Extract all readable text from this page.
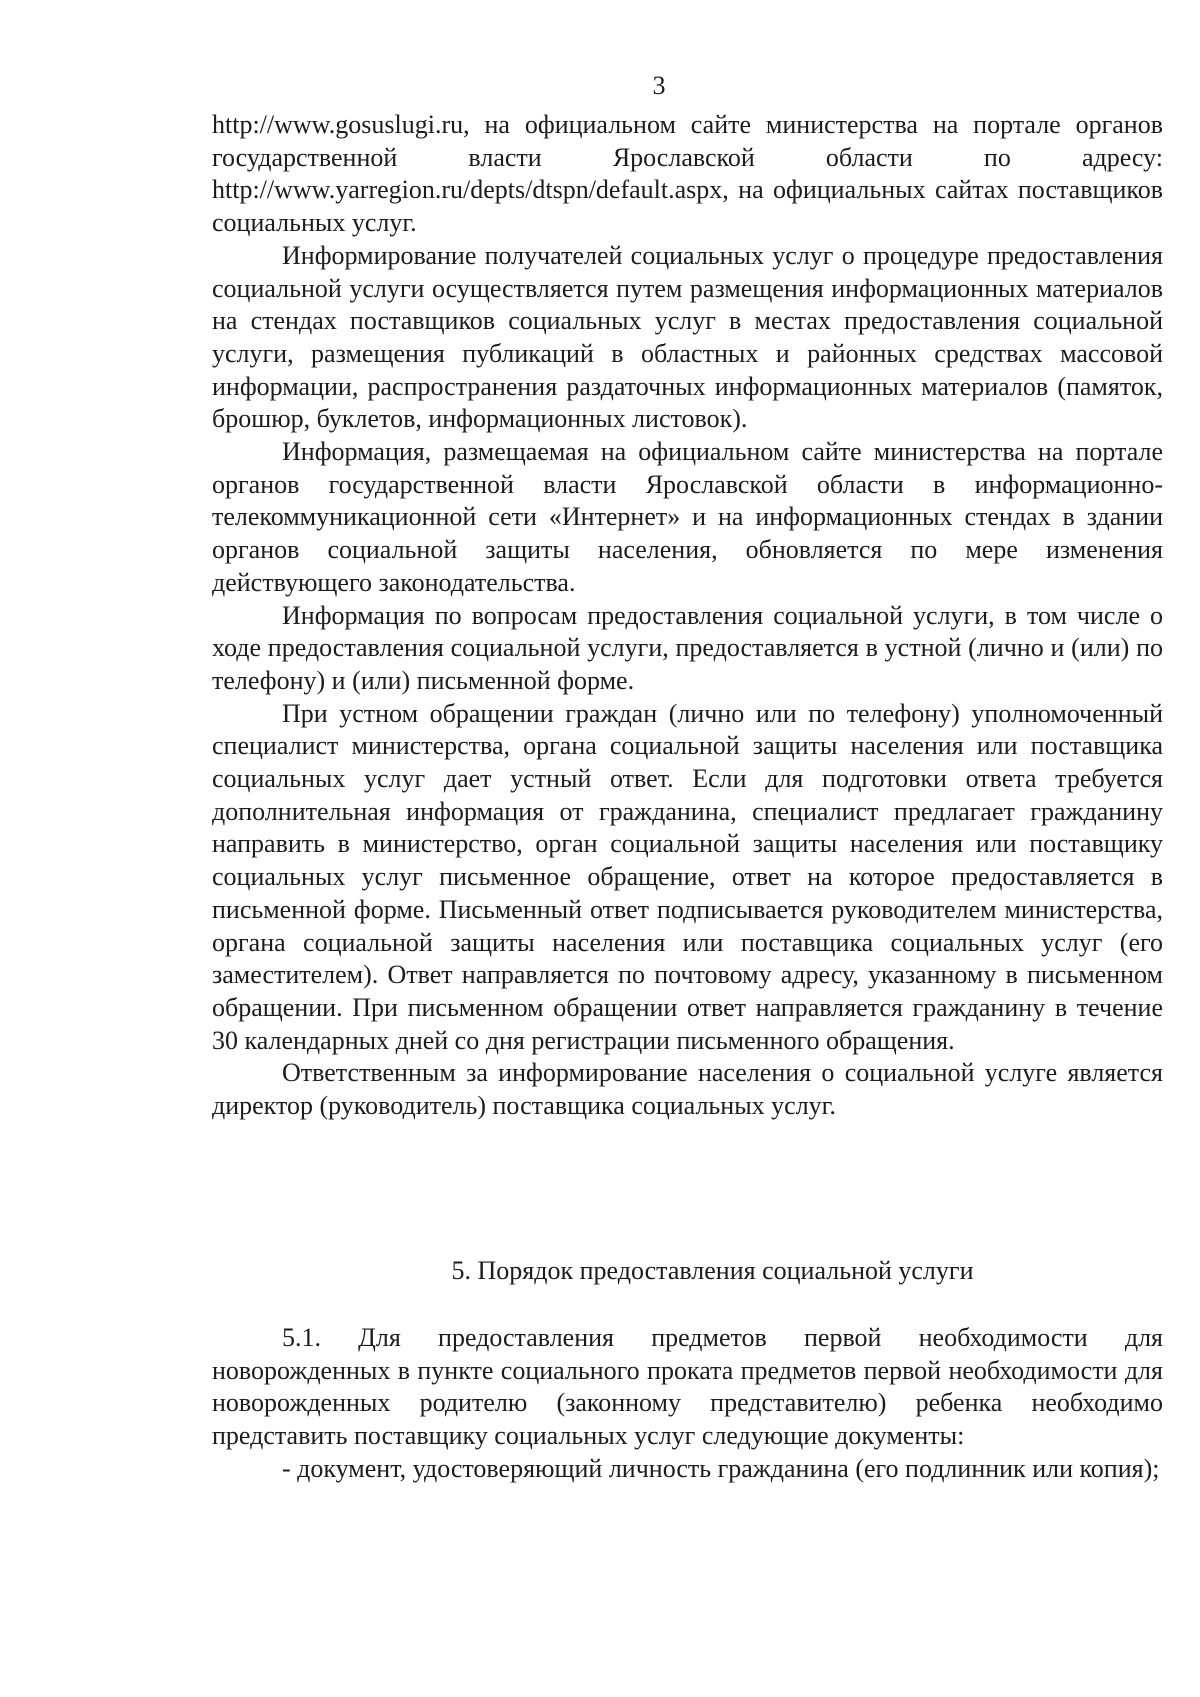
3

http://www.gosuslugi.ru, на официальном сайте министерства на портале органов государственной власти Ярославской области по адресу: http://www.yarregion.ru/depts/dtspn/default.aspx, на официальных сайтах поставщиков социальных услуг.

Информирование получателей социальных услуг о процедуре предоставления социальной услуги осуществляется путем размещения информационных материалов на стендах поставщиков социальных услуг в местах предоставления социальной услуги, размещения публикаций в областных и районных средствах массовой информации, распространения раздаточных информационных материалов (памяток, брошюр, буклетов, информационных листовок).

Информация, размещаемая на официальном сайте министерства на портале органов государственной власти Ярославской области в информационно-телекоммуникационной сети «Интернет» и на информационных стендах в здании органов социальной защиты населения, обновляется по мере изменения действующего законодательства.

Информация по вопросам предоставления социальной услуги, в том числе о ходе предоставления социальной услуги, предоставляется в устной (лично и (или) по телефону) и (или) письменной форме.

При устном обращении граждан (лично или по телефону) уполномоченный специалист министерства, органа социальной защиты населения или поставщика социальных услуг дает устный ответ. Если для подготовки ответа требуется дополнительная информация от гражданина, специалист предлагает гражданину направить в министерство, орган социальной защиты населения или поставщику социальных услуг письменное обращение, ответ на которое предоставляется в письменной форме. Письменный ответ подписывается руководителем министерства, органа социальной защиты населения или поставщика социальных услуг (его заместителем). Ответ направляется по почтовому адресу, указанному в письменном обращении. При письменном обращении ответ направляется гражданину в течение 30 календарных дней со дня регистрации письменного обращения.

Ответственным за информирование населения о социальной услуге является директор (руководитель) поставщика социальных услуг.

5. Порядок предоставления социальной услуги

5.1. Для предоставления предметов первой необходимости для новорожденных в пункте социального проката предметов первой необходимости для новорожденных родителю (законному представителю) ребенка необходимо представить поставщику социальных услуг следующие документы:

- документ, удостоверяющий личность гражданина (его подлинник или копия);
